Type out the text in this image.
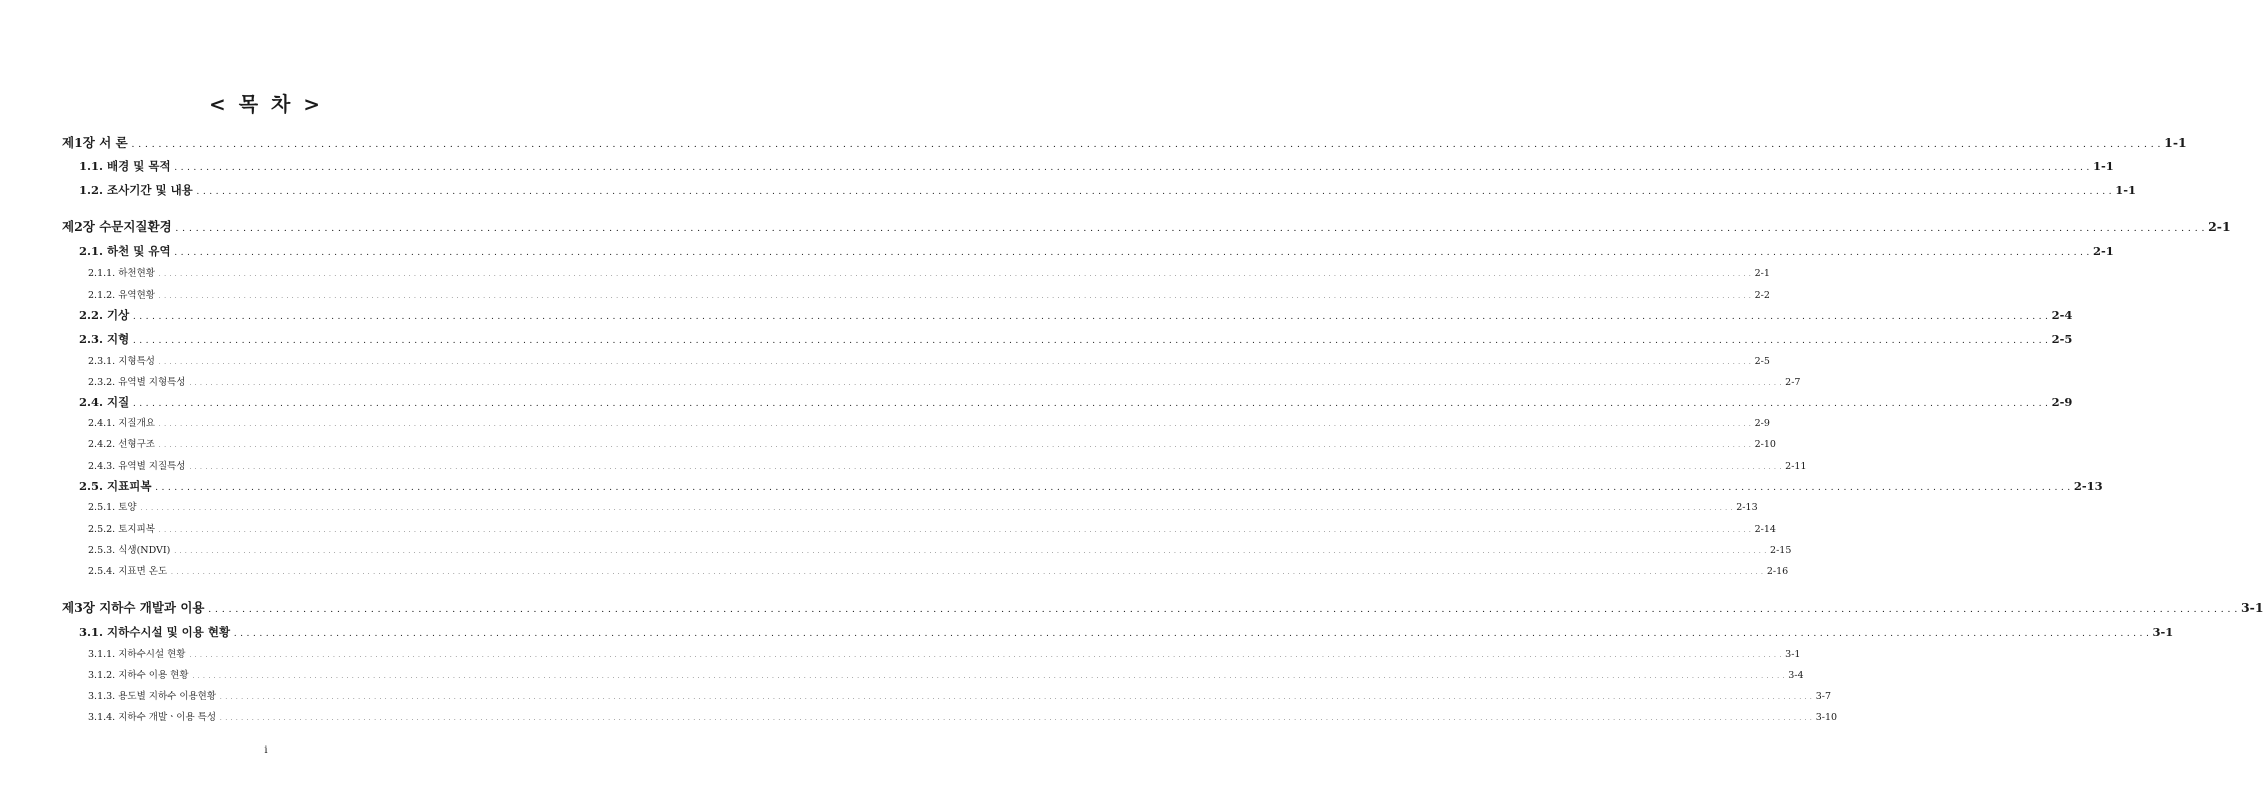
< 목 차 >
제1장 서 론 . . . . . . . . . . . . . . . . . . . . . . . . . . . . . . . . . . . . . . . . . . . . . . . . . . . . . . . . . . . . . . . . . . . . . . . . . . . . . . . . . . . . . . . . . . . . . . . . . . . . . . . . . . . . . . . . . . . . . . . . . . . . . . . . . . . . . . . . . . . . . . . . . . . . . . . . . . . . . . . . . . . . . . . . . . . . . . . . . . . . . . . . . . . . . . . . . . . . . . . . . . . . . . . . . . . . . . . . . . . . . . . . . . . . . . . . . . . . . . . . . . . . . . . . . . . . . . . . . . . . . . . . . . . . . . . . . . . . . . . . . . . . . . . . . . . . . . . . . . . . 1-1
1.1. 배경 및 목적 . . . . . . . . . . . . . . . . . . . . . . . . . . . . . . . . . . . . . . . . . . . . . . . . . . . . . . . . . . . . . . . . . . . . . . . . . . . . . . . . . . . . . . . . . . . . . . . . . . . . . . . . . . . . . . . . . . . . . . . . . . . . . . . . . . . . . . . . . . . . . . . . . . . . . . . . . . . . . . . . . . . . . . . . . . . . . . . . . . . . . . . . . . . . . . . . . . . . . . . . . . . . . . . . . . . . . . . . . . . . . . . . . . . . . . . . . . . . . . . . . . . . . . . . . . . . . . . . . . . . . . . . . . . . . . . . . . . . . . . . . . . . . . . . . . . . . . . . . . . . 1-1
1.2. 조사기간 및 내용 . . . . . . . . . . . . . . . . . . . . . . . . . . . . . . . . . . . . . . . . . . . . . . . . . . . . . . . . . . . . . . . . . . . . . . . . . . . . . . . . . . . . . . . . . . . . . . . . . . . . . . . . . . . . . . . . . . . . . . . . . . . . . . . . . . . . . . . . . . . . . . . . . . . . . . . . . . . . . . . . . . . . . . . . . . . . . . . . . . . . . . . . . . . . . . . . . . . . . . . . . . . . . . . . . . . . . . . . . . . . . . . . . . . . . . . . . . . . . . . . . . . . . . . . . . . . . . . . . . . . . . . . . . . . . . . . . . . . . . . . . . . . . . . . . . . . . . . . . . . . 1-1
제2장 수문지질환경 . . . . . . . . . . . . . . . . . . . . . . . . . . . . . . . . . . . . . . . . . . . . . . . . . . . . . . . . . . . . . . . . . . . . . . . . . . . . . . . . . . . . . . . . . . . . . . . . . . . . . . . . . . . . . . . . . . . . . . . . . . . . . . . . . . . . . . . . . . . . . . . . . . . . . . . . . . . . . . . . . . . . . . . . . . . . . . . . . . . . . . . . . . . . . . . . . . . . . . . . . . . . . . . . . . . . . . . . . . . . . . . . . . . . . . . . . . . . . . . . . . . . . . . . . . . . . . . . . . . . . . . . . . . . . . . . . . . . . . . . . . . . . . . . . . . . . . . . . . . . 2-1
2.1. 하천 및 유역 . . . . . . . . . . . . . . . . . . . . . . . . . . . . . . . . . . . . . . . . . . . . . . . . . . . . . . . . . . . . . . . . . . . . . . . . . . . . . . . . . . . . . . . . . . . . . . . . . . . . . . . . . . . . . . . . . . . . . . . . . . . . . . . . . . . . . . . . . . . . . . . . . . . . . . . . . . . . . . . . . . . . . . . . . . . . . . . . . . . . . . . . . . . . . . . . . . . . . . . . . . . . . . . . . . . . . . . . . . . . . . . . . . . . . . . . . . . . . . . . . . . . . . . . . . . . . . . . . . . . . . . . . . . . . . . . . . . . . . . . . . . . . . . . . . . . . . . . . . . . 2-1
2.1.1. 하천현황 . . . . . . . . . . . . . . . . . . . . . . . . . . . . . . . . . . . . . . . . . . . . . . . . . . . . . . . . . . . . . . . . . . . . . . . . . . . . . . . . . . . . . . . . . . . . . . . . . . . . . . . . . . . . . . . . . . . . . . . . . . . . . . . . . . . . . . . . . . . . . . . . . . . . . . . . . . . . . . . . . . . . . . . . . . . . . . . . . . . . . . . . . . . . . . . . . . . . . . . . . . . . . . . . . . . . . . . . . . . . . . . . . . . . . . . . . . . . . . . . . . . . . . . . . . . . . . . . . . . . . . . . . . . . . . . . . . . . . . . . . . . . . . . . . . . . . . . . . . . . 2-1
2.1.2. 유역현황 . . . . . . . . . . . . . . . . . . . . . . . . . . . . . . . . . . . . . . . . . . . . . . . . . . . . . . . . . . . . . . . . . . . . . . . . . . . . . . . . . . . . . . . . . . . . . . . . . . . . . . . . . . . . . . . . . . . . . . . . . . . . . . . . . . . . . . . . . . . . . . . . . . . . . . . . . . . . . . . . . . . . . . . . . . . . . . . . . . . . . . . . . . . . . . . . . . . . . . . . . . . . . . . . . . . . . . . . . . . . . . . . . . . . . . . . . . . . . . . . . . . . . . . . . . . . . . . . . . . . . . . . . . . . . . . . . . . . . . . . . . . . . . . . . . . . . . . . . . . . 2-2
2.2. 기상 . . . . . . . . . . . . . . . . . . . . . . . . . . . . . . . . . . . . . . . . . . . . . . . . . . . . . . . . . . . . . . . . . . . . . . . . . . . . . . . . . . . . . . . . . . . . . . . . . . . . . . . . . . . . . . . . . . . . . . . . . . . . . . . . . . . . . . . . . . . . . . . . . . . . . . . . . . . . . . . . . . . . . . . . . . . . . . . . . . . . . . . . . . . . . . . . . . . . . . . . . . . . . . . . . . . . . . . . . . . . . . . . . . . . . . . . . . . . . . . . . . . . . . . . . . . . . . . . . . . . . . . . . . . . . . . . . . . . . . . . . . . . . . . . . . . . . . . . . . . . 2-4
2.3. 지형 . . . . . . . . . . . . . . . . . . . . . . . . . . . . . . . . . . . . . . . . . . . . . . . . . . . . . . . . . . . . . . . . . . . . . . . . . . . . . . . . . . . . . . . . . . . . . . . . . . . . . . . . . . . . . . . . . . . . . . . . . . . . . . . . . . . . . . . . . . . . . . . . . . . . . . . . . . . . . . . . . . . . . . . . . . . . . . . . . . . . . . . . . . . . . . . . . . . . . . . . . . . . . . . . . . . . . . . . . . . . . . . . . . . . . . . . . . . . . . . . . . . . . . . . . . . . . . . . . . . . . . . . . . . . . . . . . . . . . . . . . . . . . . . . . . . . . . . . . . . . 2-5
2.3.1. 지형특성 . . . . . . . . . . . . . . . . . . . . . . . . . . . . . . . . . . . . . . . . . . . . . . . . . . . . . . . . . . . . . . . . . . . . . . . . . . . . . . . . . . . . . . . . . . . . . . . . . . . . . . . . . . . . . . . . . . . . . . . . . . . . . . . . . . . . . . . . . . . . . . . . . . . . . . . . . . . . . . . . . . . . . . . . . . . . . . . . . . . . . . . . . . . . . . . . . . . . . . . . . . . . . . . . . . . . . . . . . . . . . . . . . . . . . . . . . . . . . . . . . . . . . . . . . . . . . . . . . . . . . . . . . . . . . . . . . . . . . . . . . . . . . . . . . . . . . . . . . . . . 2-5
2.3.2. 유역별 지형특성 . . . . . . . . . . . . . . . . . . . . . . . . . . . . . . . . . . . . . . . . . . . . . . . . . . . . . . . . . . . . . . . . . . . . . . . . . . . . . . . . . . . . . . . . . . . . . . . . . . . . . . . . . . . . . . . . . . . . . . . . . . . . . . . . . . . . . . . . . . . . . . . . . . . . . . . . . . . . . . . . . . . . . . . . . . . . . . . . . . . . . . . . . . . . . . . . . . . . . . . . . . . . . . . . . . . . . . . . . . . . . . . . . . . . . . . . . . . . . . . . . . . . . . . . . . . . . . . . . . . . . . . . . . . . . . . . . . . . . . . . . . . . . . . . . . . . . . . . . . . . 2-7
2.4. 지질 . . . . . . . . . . . . . . . . . . . . . . . . . . . . . . . . . . . . . . . . . . . . . . . . . . . . . . . . . . . . . . . . . . . . . . . . . . . . . . . . . . . . . . . . . . . . . . . . . . . . . . . . . . . . . . . . . . . . . . . . . . . . . . . . . . . . . . . . . . . . . . . . . . . . . . . . . . . . . . . . . . . . . . . . . . . . . . . . . . . . . . . . . . . . . . . . . . . . . . . . . . . . . . . . . . . . . . . . . . . . . . . . . . . . . . . . . . . . . . . . . . . . . . . . . . . . . . . . . . . . . . . . . . . . . . . . . . . . . . . . . . . . . . . . . . . . . . . . . . . . 2-9
2.4.1. 지질개요 . . . . . . . . . . . . . . . . . . . . . . . . . . . . . . . . . . . . . . . . . . . . . . . . . . . . . . . . . . . . . . . . . . . . . . . . . . . . . . . . . . . . . . . . . . . . . . . . . . . . . . . . . . . . . . . . . . . . . . . . . . . . . . . . . . . . . . . . . . . . . . . . . . . . . . . . . . . . . . . . . . . . . . . . . . . . . . . . . . . . . . . . . . . . . . . . . . . . . . . . . . . . . . . . . . . . . . . . . . . . . . . . . . . . . . . . . . . . . . . . . . . . . . . . . . . . . . . . . . . . . . . . . . . . . . . . . . . . . . . . . . . . . . . . . . . . . . . . . . . . 2-9
2.4.2. 선형구조 . . . . . . . . . . . . . . . . . . . . . . . . . . . . . . . . . . . . . . . . . . . . . . . . . . . . . . . . . . . . . . . . . . . . . . . . . . . . . . . . . . . . . . . . . . . . . . . . . . . . . . . . . . . . . . . . . . . . . . . . . . . . . . . . . . . . . . . . . . . . . . . . . . . . . . . . . . . . . . . . . . . . . . . . . . . . . . . . . . . . . . . . . . . . . . . . . . . . . . . . . . . . . . . . . . . . . . . . . . . . . . . . . . . . . . . . . . . . . . . . . . . . . . . . . . . . . . . . . . . . . . . . . . . . . . . . . . . . . . . . . . . . . . . . . . . . . . . . . . . . 2-10
2.4.3. 유역별 지질특성 . . . . . . . . . . . . . . . . . . . . . . . . . . . . . . . . . . . . . . . . . . . . . . . . . . . . . . . . . . . . . . . . . . . . . . . . . . . . . . . . . . . . . . . . . . . . . . . . . . . . . . . . . . . . . . . . . . . . . . . . . . . . . . . . . . . . . . . . . . . . . . . . . . . . . . . . . . . . . . . . . . . . . . . . . . . . . . . . . . . . . . . . . . . . . . . . . . . . . . . . . . . . . . . . . . . . . . . . . . . . . . . . . . . . . . . . . . . . . . . . . . . . . . . . . . . . . . . . . . . . . . . . . . . . . . . . . . . . . . . . . . . . . . . . . . . . . . . . . . . . 2-11
2.5. 지표피복 . . . . . . . . . . . . . . . . . . . . . . . . . . . . . . . . . . . . . . . . . . . . . . . . . . . . . . . . . . . . . . . . . . . . . . . . . . . . . . . . . . . . . . . . . . . . . . . . . . . . . . . . . . . . . . . . . . . . . . . . . . . . . . . . . . . . . . . . . . . . . . . . . . . . . . . . . . . . . . . . . . . . . . . . . . . . . . . . . . . . . . . . . . . . . . . . . . . . . . . . . . . . . . . . . . . . . . . . . . . . . . . . . . . . . . . . . . . . . . . . . . . . . . . . . . . . . . . . . . . . . . . . . . . . . . . . . . . . . . . . . . . . . . . . . . . . . . . . . . . . 2-13
2.5.1. 토양 . . . . . . . . . . . . . . . . . . . . . . . . . . . . . . . . . . . . . . . . . . . . . . . . . . . . . . . . . . . . . . . . . . . . . . . . . . . . . . . . . . . . . . . . . . . . . . . . . . . . . . . . . . . . . . . . . . . . . . . . . . . . . . . . . . . . . . . . . . . . . . . . . . . . . . . . . . . . . . . . . . . . . . . . . . . . . . . . . . . . . . . . . . . . . . . . . . . . . . . . . . . . . . . . . . . . . . . . . . . . . . . . . . . . . . . . . . . . . . . . . . . . . . . . . . . . . . . . . . . . . . . . . . . . . . . . . . . . . . . . . . . . . . . . . . . . . . . . . . . . 2-13
2.5.2. 토지피복 . . . . . . . . . . . . . . . . . . . . . . . . . . . . . . . . . . . . . . . . . . . . . . . . . . . . . . . . . . . . . . . . . . . . . . . . . . . . . . . . . . . . . . . . . . . . . . . . . . . . . . . . . . . . . . . . . . . . . . . . . . . . . . . . . . . . . . . . . . . . . . . . . . . . . . . . . . . . . . . . . . . . . . . . . . . . . . . . . . . . . . . . . . . . . . . . . . . . . . . . . . . . . . . . . . . . . . . . . . . . . . . . . . . . . . . . . . . . . . . . . . . . . . . . . . . . . . . . . . . . . . . . . . . . . . . . . . . . . . . . . . . . . . . . . . . . . . . . . . . . 2-14
2.5.3. 식생(NDVI) . . . . . . . . . . . . . . . . . . . . . . . . . . . . . . . . . . . . . . . . . . . . . . . . . . . . . . . . . . . . . . . . . . . . . . . . . . . . . . . . . . . . . . . . . . . . . . . . . . . . . . . . . . . . . . . . . . . . . . . . . . . . . . . . . . . . . . . . . . . . . . . . . . . . . . . . . . . . . . . . . . . . . . . . . . . . . . . . . . . . . . . . . . . . . . . . . . . . . . . . . . . . . . . . . . . . . . . . . . . . . . . . . . . . . . . . . . . . . . . . . . . . . . . . . . . . . . . . . . . . . . . . . . . . . . . . . . . . . . . . . . . . . . . . . . . . . . . . . . . . 2-15
2.5.4. 지표면 온도 . . . . . . . . . . . . . . . . . . . . . . . . . . . . . . . . . . . . . . . . . . . . . . . . . . . . . . . . . . . . . . . . . . . . . . . . . . . . . . . . . . . . . . . . . . . . . . . . . . . . . . . . . . . . . . . . . . . . . . . . . . . . . . . . . . . . . . . . . . . . . . . . . . . . . . . . . . . . . . . . . . . . . . . . . . . . . . . . . . . . . . . . . . . . . . . . . . . . . . . . . . . . . . . . . . . . . . . . . . . . . . . . . . . . . . . . . . . . . . . . . . . . . . . . . . . . . . . . . . . . . . . . . . . . . . . . . . . . . . . . . . . . . . . . . . . . . . . . . . . . 2-16
제3장 지하수 개발과 이용 . . . . . . . . . . . . . . . . . . . . . . . . . . . . . . . . . . . . . . . . . . . . . . . . . . . . . . . . . . . . . . . . . . . . . . . . . . . . . . . . . . . . . . . . . . . . . . . . . . . . . . . . . . . . . . . . . . . . . . . . . . . . . . . . . . . . . . . . . . . . . . . . . . . . . . . . . . . . . . . . . . . . . . . . . . . . . . . . . . . . . . . . . . . . . . . . . . . . . . . . . . . . . . . . . . . . . . . . . . . . . . . . . . . . . . . . . . . . . . . . . . . . . . . . . . . . . . . . . . . . . . . . . . . . . . . . . . . . . . . . . . . . . . . . . . . . . . . . . . . . 3-1
3.1. 지하수시설 및 이용 현황 . . . . . . . . . . . . . . . . . . . . . . . . . . . . . . . . . . . . . . . . . . . . . . . . . . . . . . . . . . . . . . . . . . . . . . . . . . . . . . . . . . . . . . . . . . . . . . . . . . . . . . . . . . . . . . . . . . . . . . . . . . . . . . . . . . . . . . . . . . . . . . . . . . . . . . . . . . . . . . . . . . . . . . . . . . . . . . . . . . . . . . . . . . . . . . . . . . . . . . . . . . . . . . . . . . . . . . . . . . . . . . . . . . . . . . . . . . . . . . . . . . . . . . . . . . . . . . . . . . . . . . . . . . . . . . . . . . . . . . . . . . . . . . . . . . . . . . . . . . . . 3-1
3.1.1. 지하수시설 현황 . . . . . . . . . . . . . . . . . . . . . . . . . . . . . . . . . . . . . . . . . . . . . . . . . . . . . . . . . . . . . . . . . . . . . . . . . . . . . . . . . . . . . . . . . . . . . . . . . . . . . . . . . . . . . . . . . . . . . . . . . . . . . . . . . . . . . . . . . . . . . . . . . . . . . . . . . . . . . . . . . . . . . . . . . . . . . . . . . . . . . . . . . . . . . . . . . . . . . . . . . . . . . . . . . . . . . . . . . . . . . . . . . . . . . . . . . . . . . . . . . . . . . . . . . . . . . . . . . . . . . . . . . . . . . . . . . . . . . . . . . . . . . . . . . . . . . . . . . . . . 3-1
3.1.2. 지하수 이용 현황 . . . . . . . . . . . . . . . . . . . . . . . . . . . . . . . . . . . . . . . . . . . . . . . . . . . . . . . . . . . . . . . . . . . . . . . . . . . . . . . . . . . . . . . . . . . . . . . . . . . . . . . . . . . . . . . . . . . . . . . . . . . . . . . . . . . . . . . . . . . . . . . . . . . . . . . . . . . . . . . . . . . . . . . . . . . . . . . . . . . . . . . . . . . . . . . . . . . . . . . . . . . . . . . . . . . . . . . . . . . . . . . . . . . . . . . . . . . . . . . . . . . . . . . . . . . . . . . . . . . . . . . . . . . . . . . . . . . . . . . . . . . . . . . . . . . . . . . . . . . . 3-4
3.1.3. 용도별 지하수 이용현황 . . . . . . . . . . . . . . . . . . . . . . . . . . . . . . . . . . . . . . . . . . . . . . . . . . . . . . . . . . . . . . . . . . . . . . . . . . . . . . . . . . . . . . . . . . . . . . . . . . . . . . . . . . . . . . . . . . . . . . . . . . . . . . . . . . . . . . . . . . . . . . . . . . . . . . . . . . . . . . . . . . . . . . . . . . . . . . . . . . . . . . . . . . . . . . . . . . . . . . . . . . . . . . . . . . . . . . . . . . . . . . . . . . . . . . . . . . . . . . . . . . . . . . . . . . . . . . . . . . . . . . . . . . . . . . . . . . . . . . . . . . . . . . . . . . . . . . . . . . . . 3-7
3.1.4. 지하수 개발ㆍ이용 특성 . . . . . . . . . . . . . . . . . . . . . . . . . . . . . . . . . . . . . . . . . . . . . . . . . . . . . . . . . . . . . . . . . . . . . . . . . . . . . . . . . . . . . . . . . . . . . . . . . . . . . . . . . . . . . . . . . . . . . . . . . . . . . . . . . . . . . . . . . . . . . . . . . . . . . . . . . . . . . . . . . . . . . . . . . . . . . . . . . . . . . . . . . . . . . . . . . . . . . . . . . . . . . . . . . . . . . . . . . . . . . . . . . . . . . . . . . . . . . . . . . . . . . . . . . . . . . . . . . . . . . . . . . . . . . . . . . . . . . . . . . . . . . . . . . . . . . . . . . . . . 3-10
i
